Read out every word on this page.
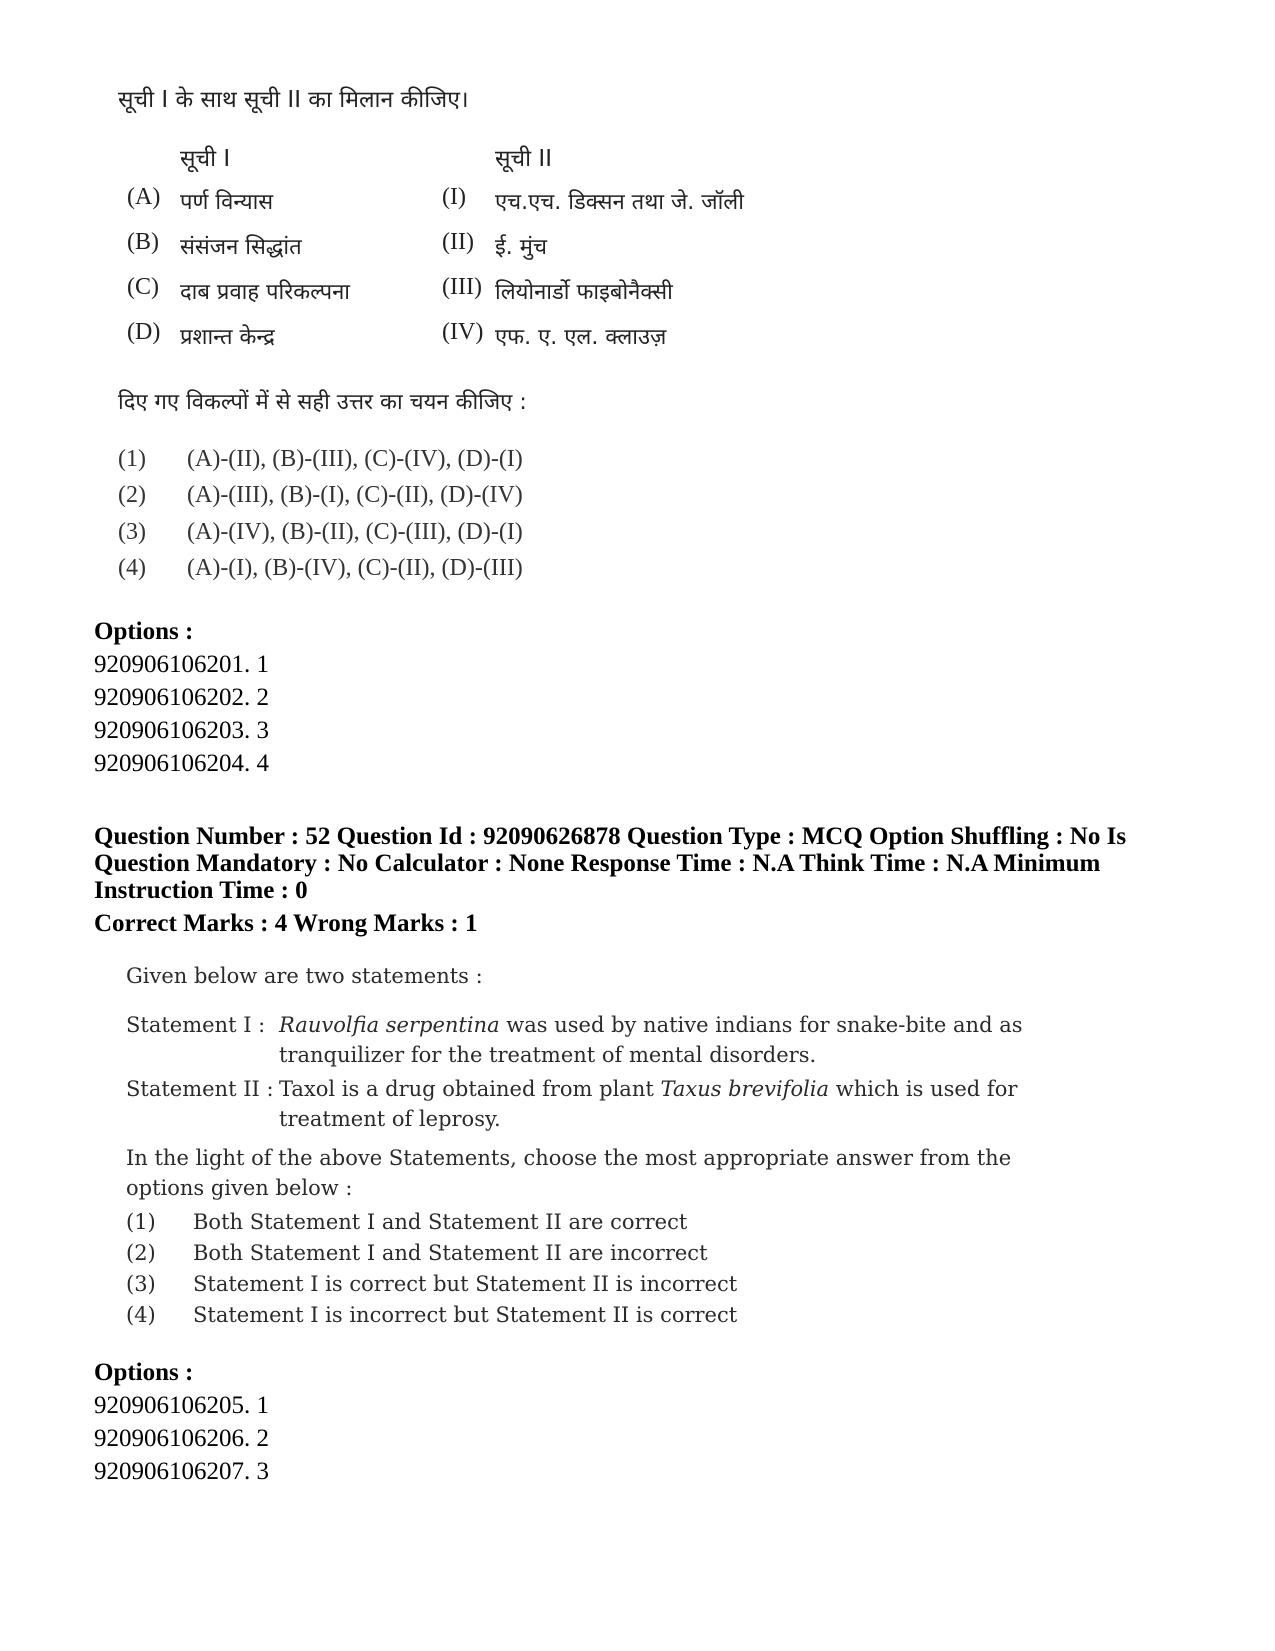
सूची I के साथ सूची II का मिलान कीजिए।
सूची I	सूची II
(A) पर्ण विन्यास	(I) एच.एच. डिक्सन तथा जे. जॉली
(B) संसंजन सिद्धांत	(II) ई. मुंच
(C) दाब प्रवाह परिकल्पना	(III) लियोनार्डो फाइबोनैक्सी
(D) प्रशान्त केन्द्र	(IV) एफ. ए. एल. क्लाउज़
दिए गए विकल्पों में से सही उत्तर का चयन कीजिए :
(1) (A)-(II), (B)-(III), (C)-(IV), (D)-(I)
(2) (A)-(III), (B)-(I), (C)-(II), (D)-(IV)
(3) (A)-(IV), (B)-(II), (C)-(III), (D)-(I)
(4) (A)-(I), (B)-(IV), (C)-(II), (D)-(III)
Options :
920906106201. 1
920906106202. 2
920906106203. 3
920906106204. 4
Question Number : 52 Question Id : 92090626878 Question Type : MCQ Option Shuffling : No Is
Question Mandatory : No Calculator : None Response Time : N.A Think Time : N.A Minimum
Instruction Time : 0
Correct Marks : 4 Wrong Marks : 1
Given below are two statements :
Statement I : Rauvolfia serpentina was used by native indians for snake-bite and as
tranquilizer for the treatment of mental disorders.
Statement II : Taxol is a drug obtained from plant Taxus brevifolia which is used for
treatment of leprosy.
In the light of the above Statements, choose the most appropriate answer from the
options given below :
(1) Both Statement I and Statement II are correct
(2) Both Statement I and Statement II are incorrect
(3) Statement I is correct but Statement II is incorrect
(4) Statement I is incorrect but Statement II is correct
Options :
920906106205. 1
920906106206. 2
920906106207. 3
